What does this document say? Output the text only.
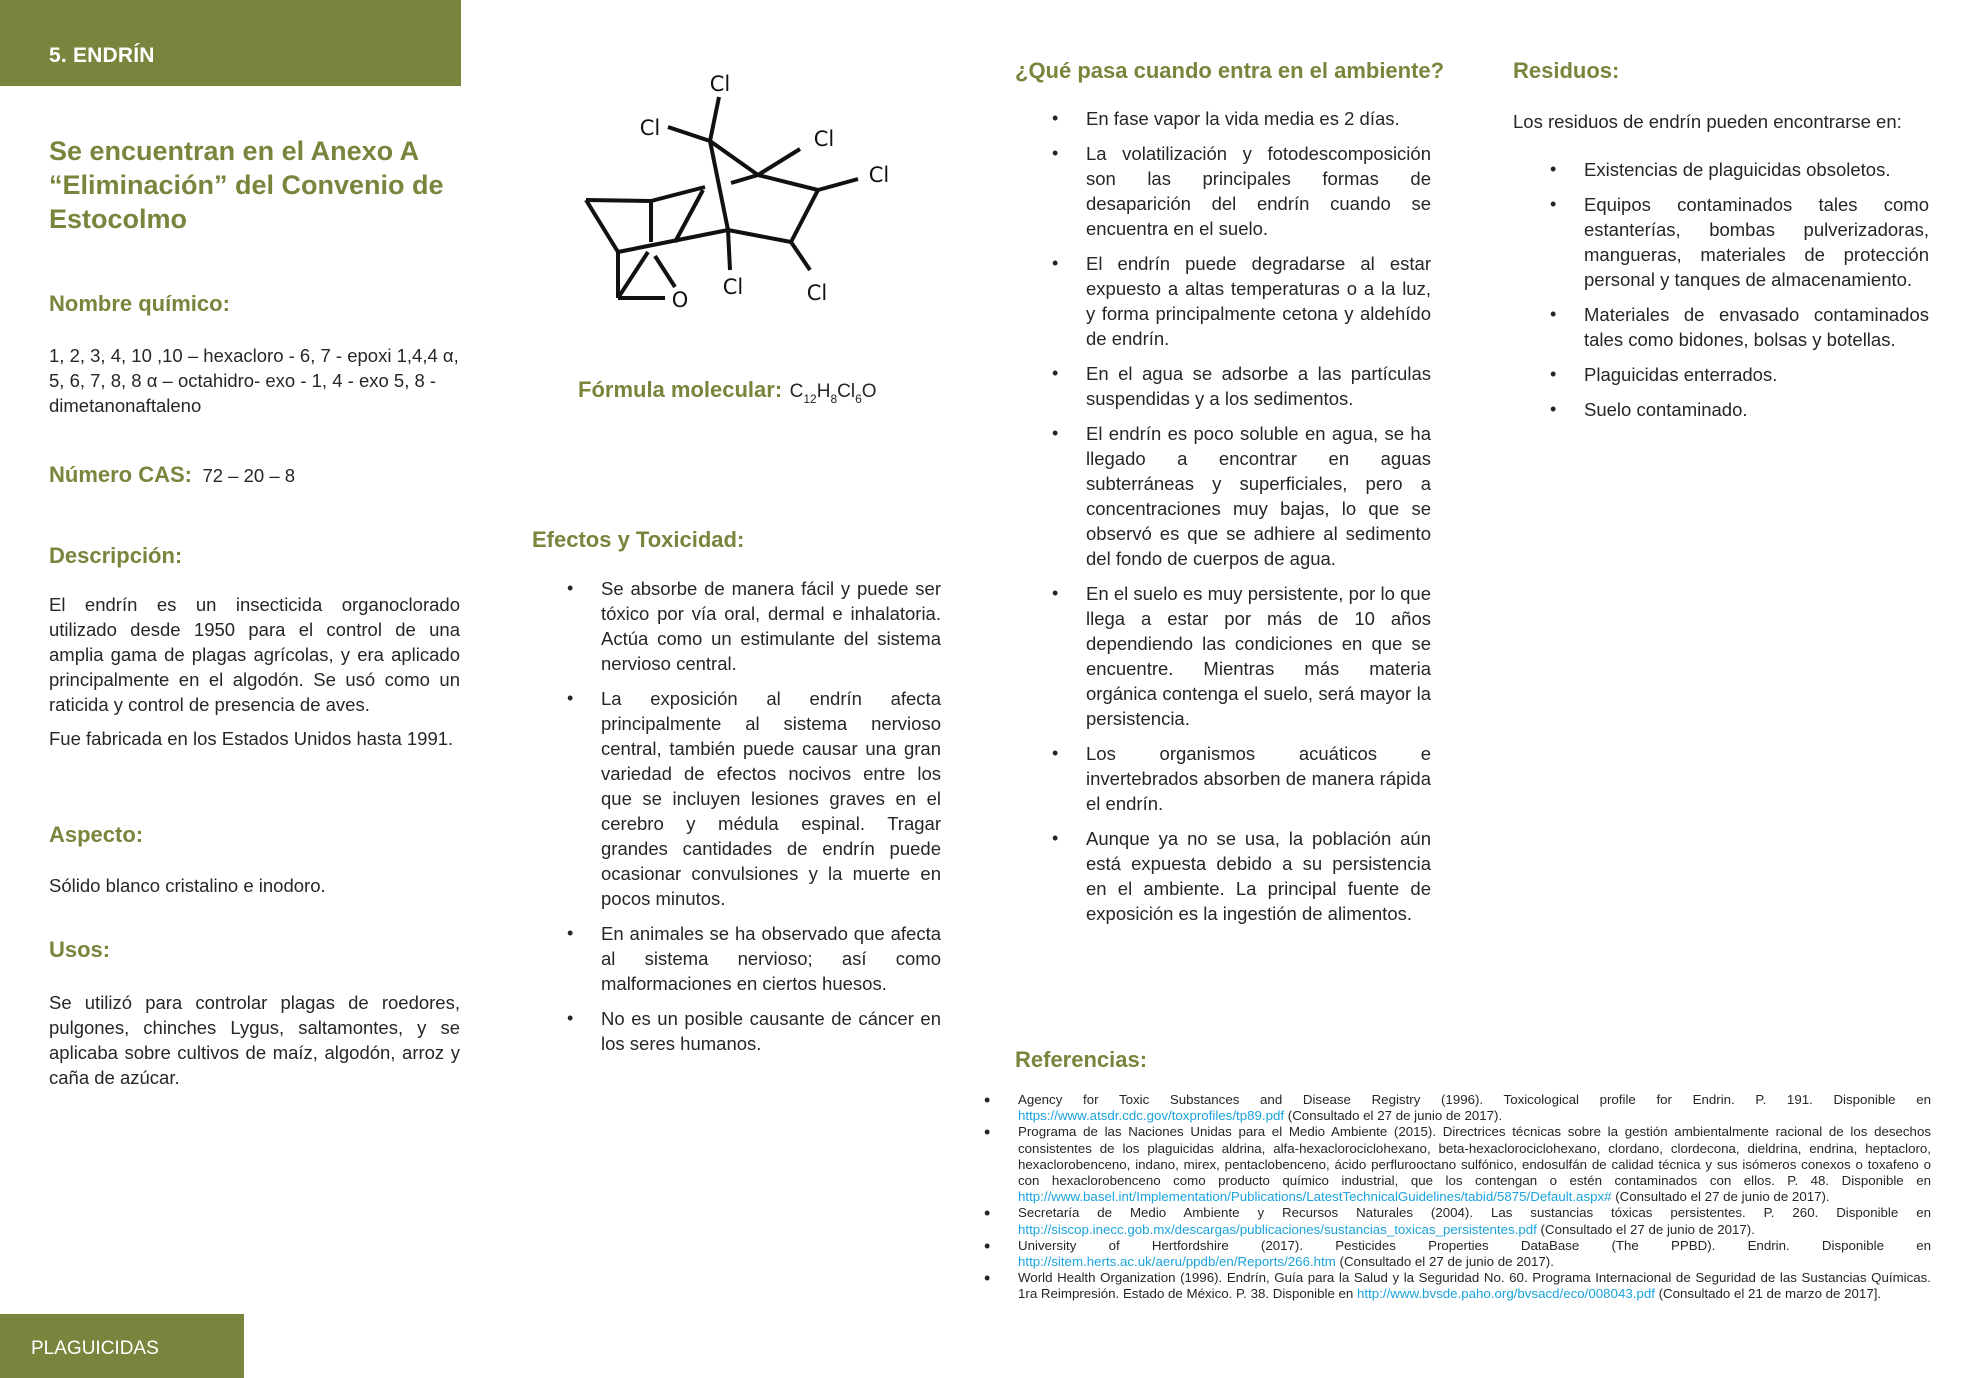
5. ENDRÍN
PLAGUICIDAS
Se encuentran en el Anexo A “Eliminación” del Convenio de Estocolmo
Nombre químico:
1, 2, 3, 4, 10 ,10 – hexacloro - 6, 7 - epoxi 1,4,4 α, 5, 6, 7, 8, 8 α – octahidro- exo - 1, 4 - exo 5, 8 - dimetanonaftaleno
Número CAS: 72 – 20 – 8
Descripción:

El endrín es un insecticida organoclorado utilizado desde 1950 para el control de una amplia gama de plagas agrícolas, y era aplicado principalmente en el algodón. Se usó como un raticida y control de presencia de aves.

Fue fabricada en los Estados Unidos hasta 1991.

Aspecto:
Sólido blanco cristalino e inodoro.
Usos:
Se utilizó para controlar plagas de roedores, pulgones, chinches Lygus, saltamontes, y se aplicaba sobre cultivos de maíz, algodón, arroz y caña de azúcar.
Cl
Cl	Cl
Cl
Cl	Cl
O
Fórmula molecular: $C_{12}H_8Cl_6O$
Efectos y Toxicidad:
• Se absorbe de manera fácil y puede ser tóxico por vía oral, dermal e inhalatoria. Actúa como un estimulante del sistema nervioso central.
• La exposición al endrín afecta principalmente al sistema nervioso central, también puede causar una gran variedad de efectos nocivos entre los que se incluyen lesiones graves en el cerebro y médula espinal. Tragar grandes cantidades de endrín puede ocasionar convulsiones y la muerte en pocos minutos.
• En animales se ha observado que afecta al sistema nervioso; así como malformaciones en ciertos huesos.
• No es un posible causante de cáncer en los seres humanos.
¿Qué pasa cuando entra en el ambiente?
• En fase vapor la vida media es 2 días.
• La volatilización y fotodescomposición son las principales formas de desaparición del endrín cuando se encuentra en el suelo.
• El endrín puede degradarse al estar expuesto a altas temperaturas o a la luz, y forma principalmente cetona y aldehído de endrín.
• En el agua se adsorbe a las partículas suspendidas y a los sedimentos.
• El endrín es poco soluble en agua, se ha llegado a encontrar en aguas subterráneas y superficiales, pero a concentraciones muy bajas, lo que se observó es que se adhiere al sedimento del fondo de cuerpos de agua.
• En el suelo es muy persistente, por lo que llega a estar por más de 10 años dependiendo las condiciones en que se encuentre. Mientras más materia orgánica contenga el suelo, será mayor la persistencia.
• Los organismos acuáticos e invertebrados absorben de manera rápida el endrín.
• Aunque ya no se usa, la población aún está expuesta debido a su persistencia en el ambiente. La principal fuente de exposición es la ingestión de alimentos.
Residuos:
Los residuos de endrín pueden encontrarse en:
• Existencias de plaguicidas obsoletos.
• Equipos contaminados tales como estanterías, bombas pulverizadoras, mangueras, materiales de protección personal y tanques de almacenamiento.
• Materiales de envasado contaminados tales como bidones, bolsas y botellas.
• Plaguicidas enterrados.
• Suelo contaminado.
Referencias:
• Agency for Toxic Substances and Disease Registry (1996). Toxicological profile for Endrin. P. 191. Disponible en https://www.atsdr.cdc.gov/toxprofiles/tp89.pdf (Consultado el 27 de junio de 2017).
• Programa de las Naciones Unidas para el Medio Ambiente (2015). Directrices técnicas sobre la gestión ambientalmente racional de los desechos consistentes de los plaguicidas aldrina, alfa-hexaclorociclohexano, beta-hexaclorociclohexano, clordano, clordecona, dieldrina, endrina, heptacloro, hexaclorobenceno, indano, mirex, pentaclobenceno, ácido perflurooctano sulfónico, endosulfán de calidad técnica y sus isómeros conexos o toxafeno o con hexaclorobenceno como producto químico industrial, que los contengan o estén contaminados con ellos. P. 48. Disponible en http://www.basel.int/Implementation/Publications/LatestTechnicalGuidelines/tabid/5875/Default.aspx# (Consultado el 27 de junio de 2017).
• Secretaría de Medio Ambiente y Recursos Naturales (2004). Las sustancias tóxicas persistentes. P. 260. Disponible en http://siscop.inecc.gob.mx/descargas/publicaciones/sustancias_toxicas_persistentes.pdf (Consultado el 27 de junio de 2017).
• University of Hertfordshire (2017). Pesticides Properties DataBase (The PPBD). Endrin. Disponible en http://sitem.herts.ac.uk/aeru/ppdb/en/Reports/266.htm (Consultado el 27 de junio de 2017).
• World Health Organization (1996). Endrín, Guía para la Salud y la Seguridad No. 60. Programa Internacional de Seguridad de las Sustancias Químicas. 1ra Reimpresión. Estado de México. P. 38. Disponible en http://www.bvsde.paho.org/bvsacd/eco/008043.pdf (Consultado el 21 de marzo de 2017].
